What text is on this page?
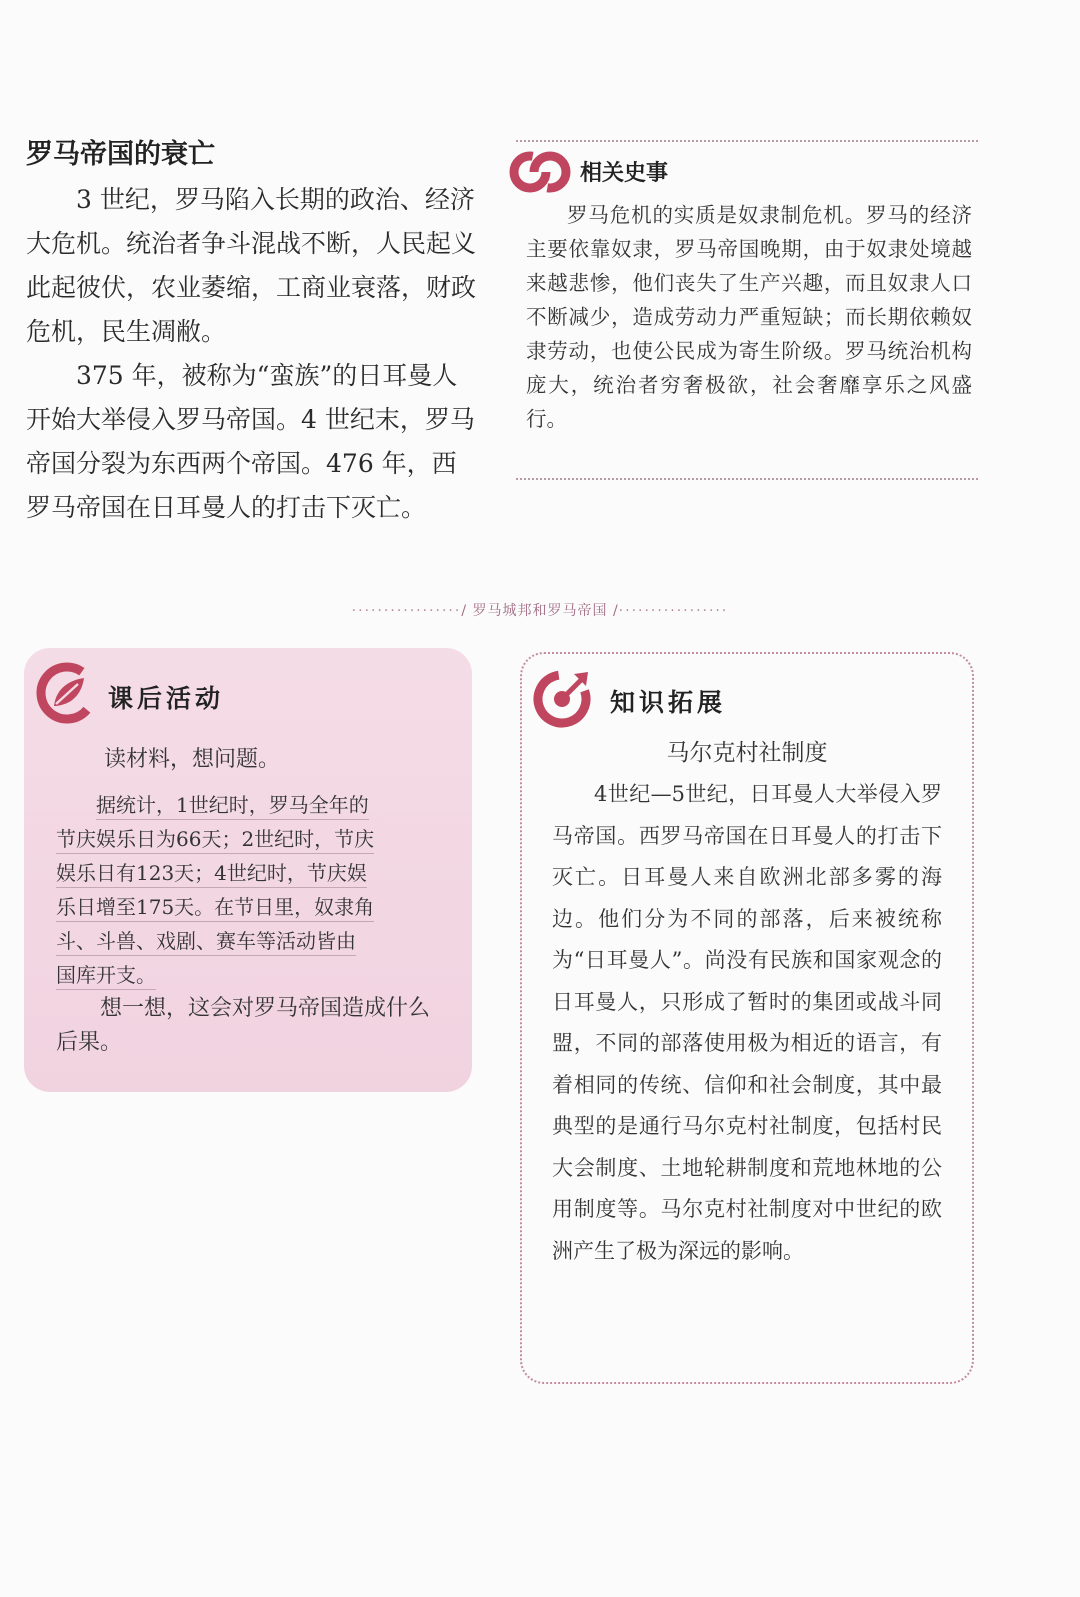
罗马帝国的衰亡

3 世纪，罗马陷入长期的政治、经济大危机。统治者争斗混战不断，人民起义此起彼伏，农业萎缩，工商业衰落，财政危机，民生凋敝。

375 年，被称为“蛮族”的日耳曼人开始大举侵入罗马帝国。4 世纪末，罗马帝国分裂为东西两个帝国。476 年，西罗马帝国在日耳曼人的打击下灭亡。

相关史事

罗马危机的实质是奴隶制危机。罗马的经济主要依靠奴隶，罗马帝国晚期，由于奴隶处境越来越悲惨，他们丧失了生产兴趣，而且奴隶人口不断减少，造成劳动力严重短缺；而长期依赖奴隶劳动，也使公民成为寄生阶级。罗马统治机构庞大，统治者穷奢极欲，社会奢靡享乐之风盛行。

·················/ 罗马城邦和罗马帝国 /·················
课后活动
读材料，想问题。
据统计，1世纪时，罗马全年的
节庆娱乐日为66天；2世纪时，节庆
娱乐日有123天；4世纪时，节庆娱
乐日增至175天。在节日里，奴隶角
斗、斗兽、戏剧、赛车等活动皆由
国库开支。
想一想，这会对罗马帝国造成什么后果。
知识拓展
马尔克村社制度

4世纪—5世纪，日耳曼人大举侵入罗马帝国。西罗马帝国在日耳曼人的打击下灭亡。日耳曼人来自欧洲北部多雾的海边。他们分为不同的部落，后来被统称为“日耳曼人”。尚没有民族和国家观念的日耳曼人，只形成了暂时的集团或战斗同盟，不同的部落使用极为相近的语言，有着相同的传统、信仰和社会制度，其中最典型的是通行马尔克村社制度，包括村民大会制度、土地轮耕制度和荒地林地的公用制度等。马尔克村社制度对中世纪的欧洲产生了极为深远的影响。
